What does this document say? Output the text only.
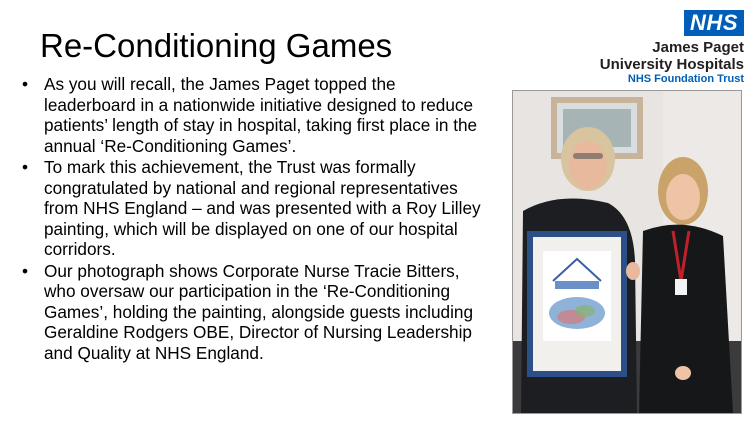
Re-Conditioning Games
• As you will recall, the James Paget topped the leaderboard in a nationwide initiative designed to reduce patients’ length of stay in hospital, taking first place in the annual ‘Re-Conditioning Games’.
• To mark this achievement, the Trust was formally congratulated by national and regional representatives from NHS England – and was presented with a Roy Lilley painting, which will be displayed on one of our hospital corridors.
• Our photograph shows Corporate Nurse Tracie Bitters, who oversaw our participation in the ‘Re-Conditioning Games’, holding the painting, alongside guests including Geraldine Rodgers OBE, Director of Nursing Leadership and Quality at NHS England.
NHS
James Paget
University Hospitals
NHS Foundation Trust
